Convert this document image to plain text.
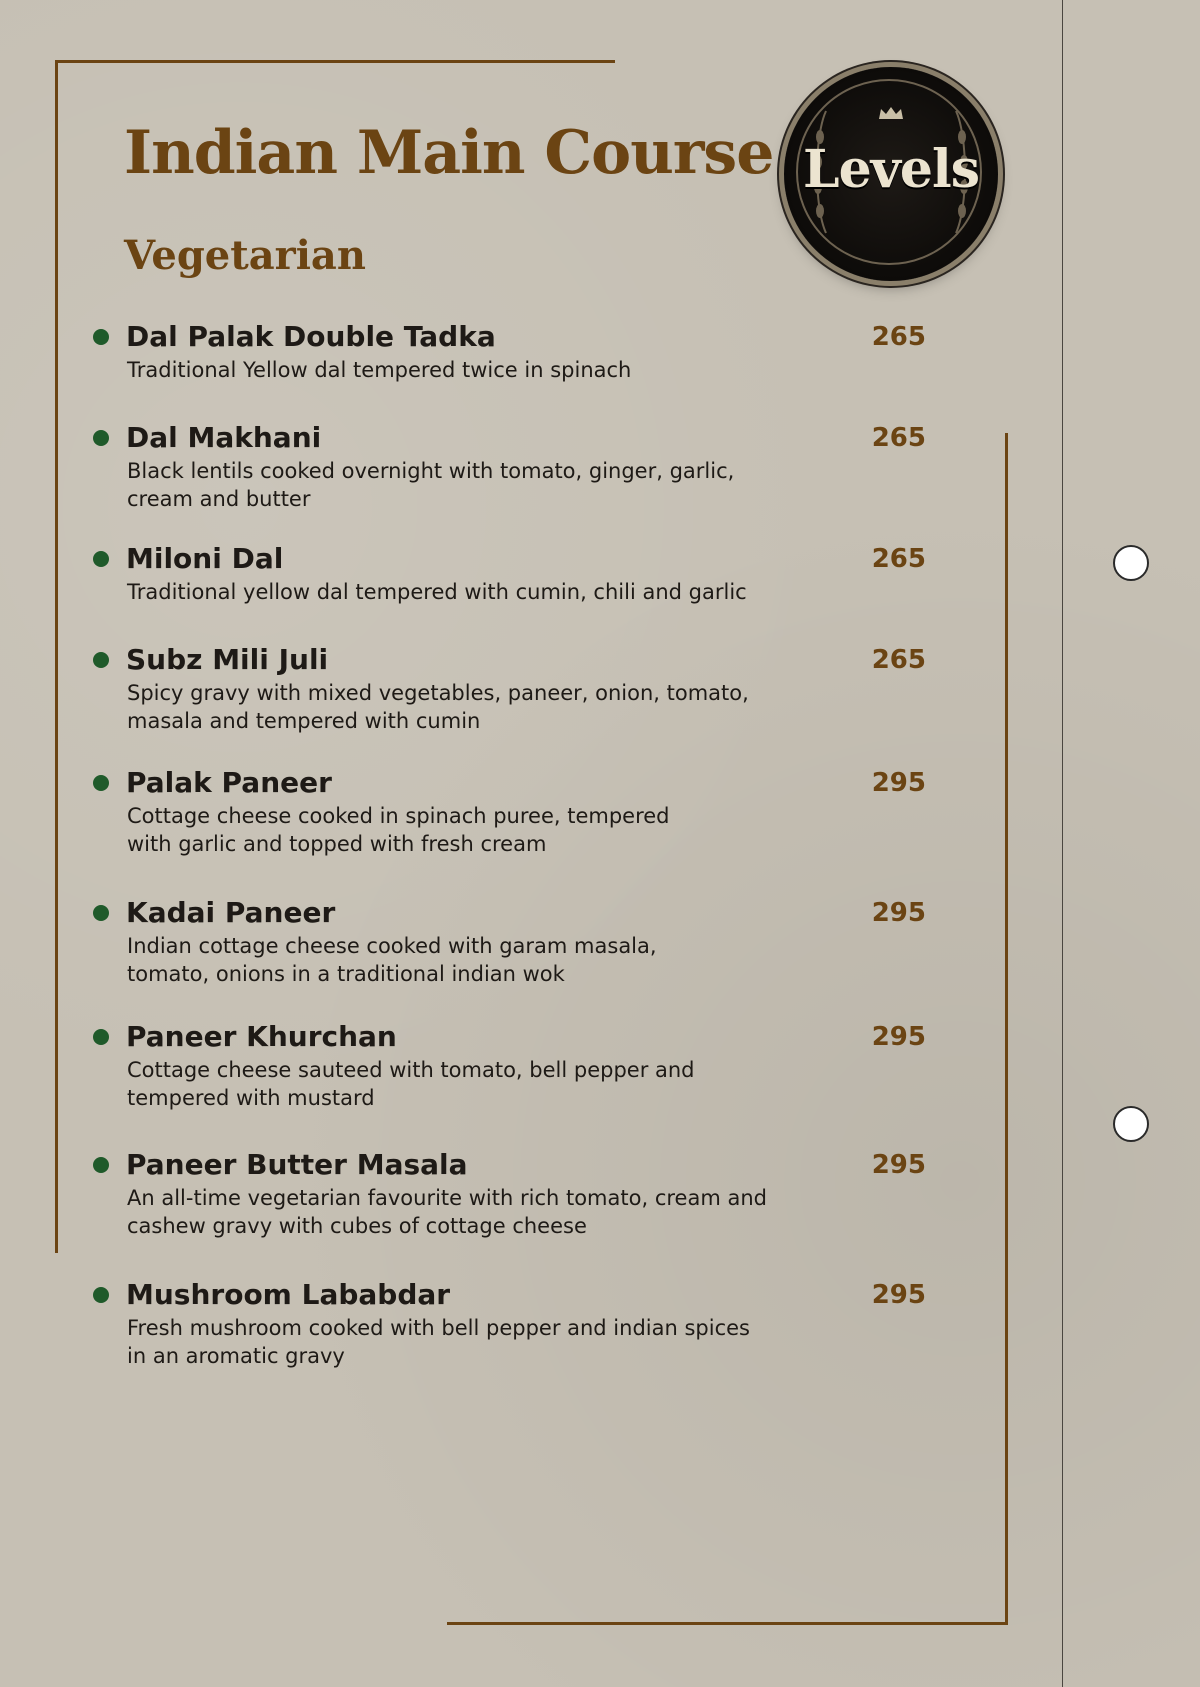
Indian Main Course
Vegetarian
Levels

Dal Palak Double Tadka	265

Traditional Yellow dal tempered twice in spinach

Dal Makhani	265

Black lentils cooked overnight with tomato, ginger, garlic,
cream and butter

Miloni Dal	265

Traditional yellow dal tempered with cumin, chili and garlic

Subz Mili Juli	265

Spicy gravy with mixed vegetables, paneer, onion, tomato,
masala and tempered with cumin

Palak Paneer	295

Cottage cheese cooked in spinach puree, tempered
with garlic and topped with fresh cream

Kadai Paneer	295

Indian cottage cheese cooked with garam masala,
tomato, onions in a traditional indian wok

Paneer Khurchan	295

Cottage cheese sauteed with tomato, bell pepper and
tempered with mustard

Paneer Butter Masala	295

An all-time vegetarian favourite with rich tomato, cream and
cashew gravy with cubes of cottage cheese

Mushroom Lababdar	295

Fresh mushroom cooked with bell pepper and indian spices
in an aromatic gravy
